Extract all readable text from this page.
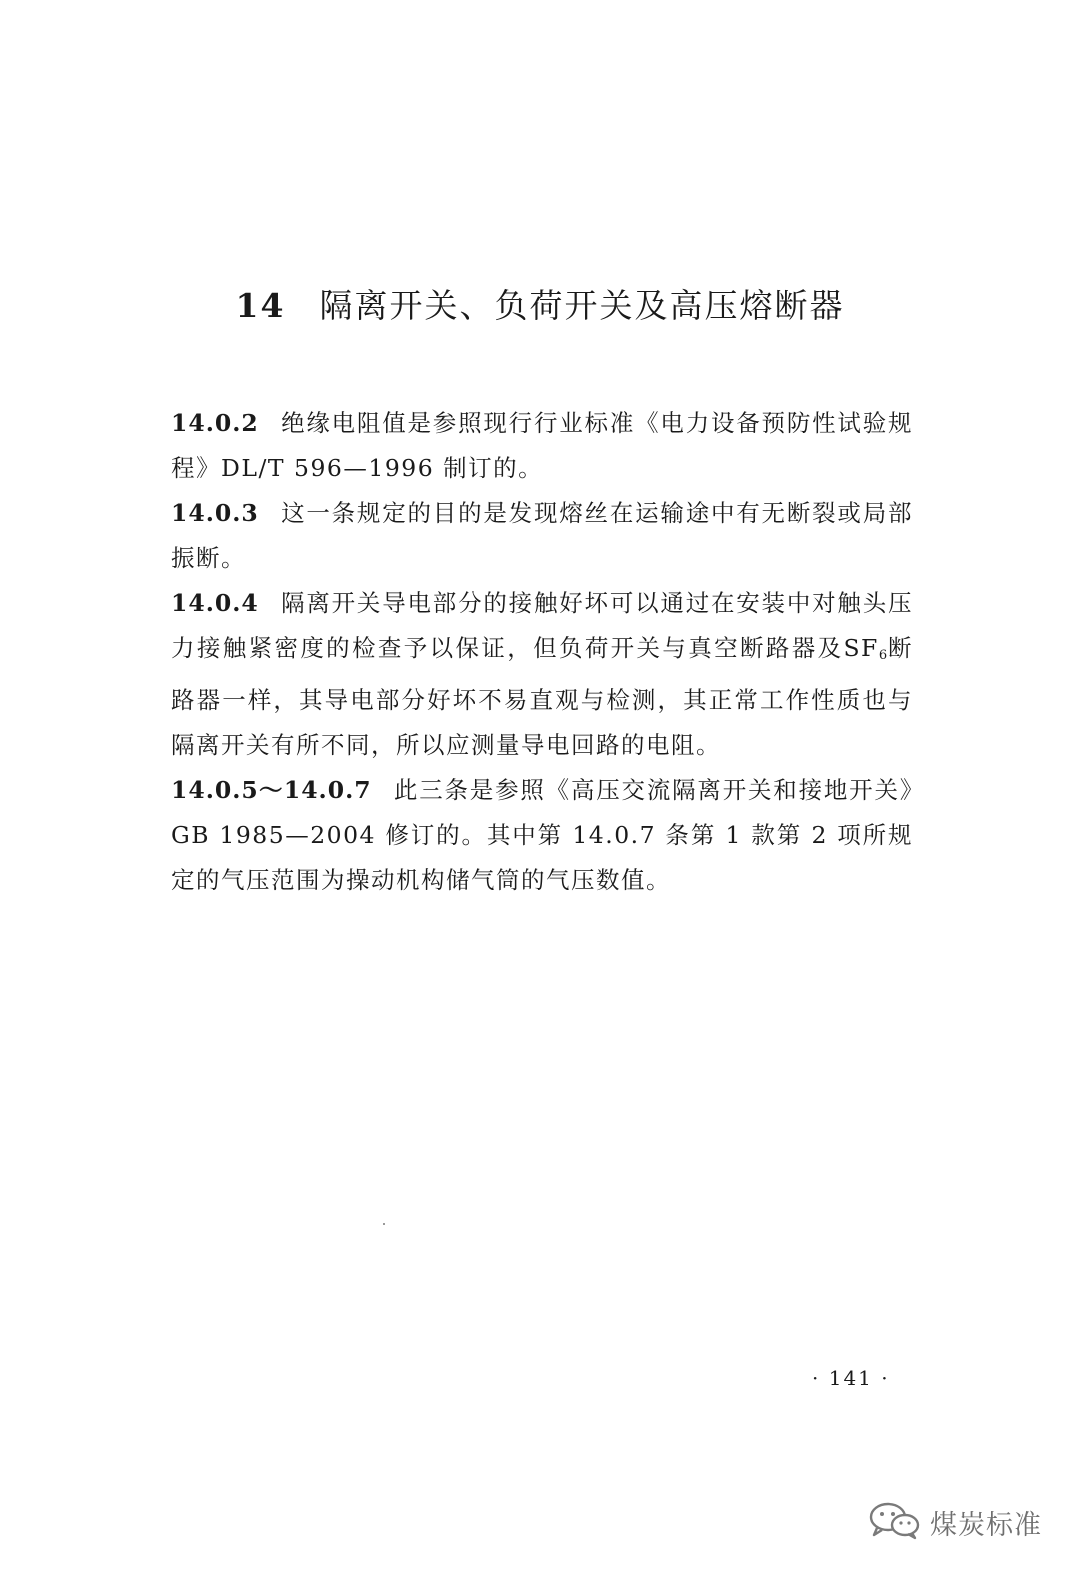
14 隔离开关、负荷开关及高压熔断器

14.0.2 绝缘电阻值是参照现行行业标准《电力设备预防性试验规程》DL/T 596—1996 制订的。

14.0.3 这一条规定的目的是发现熔丝在运输途中有无断裂或局部振断。

14.0.4 隔离开关导电部分的接触好坏可以通过在安装中对触头压力接触紧密度的检查予以保证，但负荷开关与真空断路器及$SF_6$断路器一样，其导电部分好坏不易直观与检测，其正常工作性质也与隔离开关有所不同，所以应测量导电回路的电阻。

14.0.5～14.0.7 此三条是参照《高压交流隔离开关和接地开关》GB 1985—2004 修订的。其中第 14.0.7 条第 1 款第 2 项所规定的气压范围为操动机构储气筒的气压数值。

· 141 ·

煤炭标准
